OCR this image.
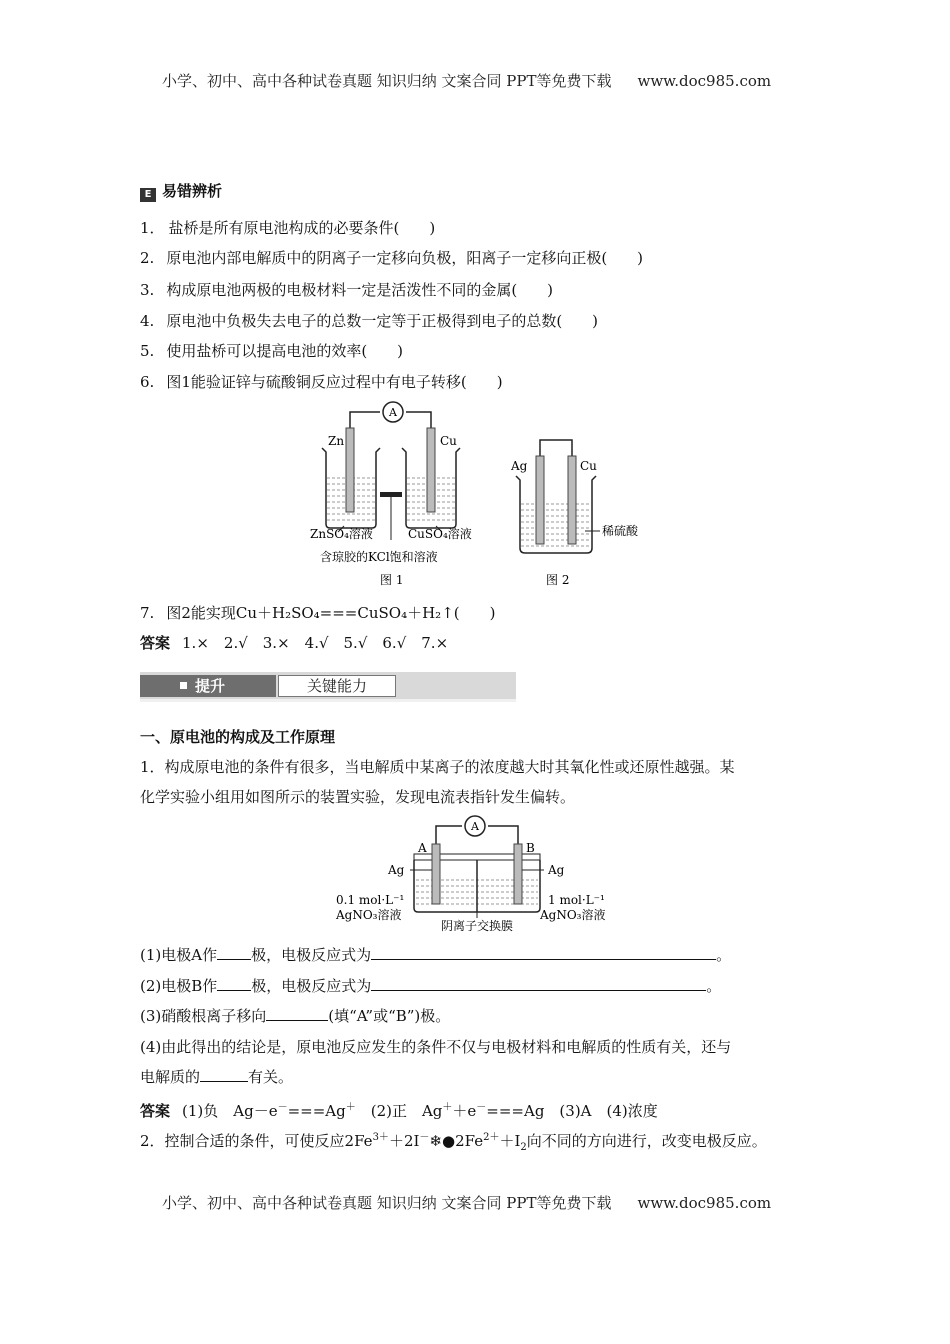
小学、初中、高中各种试卷真题 知识归纳 文案合同 PPT等免费下载 www.doc985.com
E 易错辨析
1． 盐桥是所有原电池构成的必要条件(　　)
2. 原电池内部电解质中的阴离子一定移向负极，阳离子一定移向正极(　　)
3. 构成原电池两极的电极材料一定是活泼性不同的金属(　　)
4. 原电池中负极失去电子的总数一定等于正极得到电子的总数(　　)
5. 使用盐桥可以提高电池的效率(　　)
6. 图1能验证锌与硫酸铜反应过程中有电子转移(　　)
A
Zn	Cu
ZnSO₄溶液	CuSO₄溶液
含琼胶的KCl饱和溶液
图 1
Ag	Cu
稀硫酸
图 2
7. 图2能实现Cu＋H₂SO₄===CuSO₄＋H₂↑(　　)
答案 1.×　2.√　3.×　4.√　5.√　6.√　7.×
提升	关键能力
一、原电池的构成及工作原理
1．构成原电池的条件有很多，当电解质中某离子的浓度越大时其氧化性或还原性越强。某
化学实验小组用如图所示的装置实验，发现电流表指针发生偏转。
A
A	B
Ag	Ag
0.1 mol·L⁻¹
AgNO₃溶液
1 mol·L⁻¹
AgNO₃溶液
阴离子交换膜
(1)电极A作 极，电极反应式为	。
(2)电极B作 极，电极反应式为	。
(3)硝酸根离子移向	(填“A”或“B”)极。
(4)由此得出的结论是，原电池反应发生的条件不仅与电极材料和电解质的性质有关，还与
电解质的	有关。
答案 (1)负　Ag－e－===Ag＋　(2)正　Ag＋＋e－===Ag　(3)A　(4)浓度
2．控制合适的条件，可使反应$2Fe^{3+}+2I^-❄●2Fe^{2+}+I_2$向不同的方向进行，改变电极反应。
小学、初中、高中各种试卷真题 知识归纳 文案合同 PPT等免费下载 www.doc985.com
